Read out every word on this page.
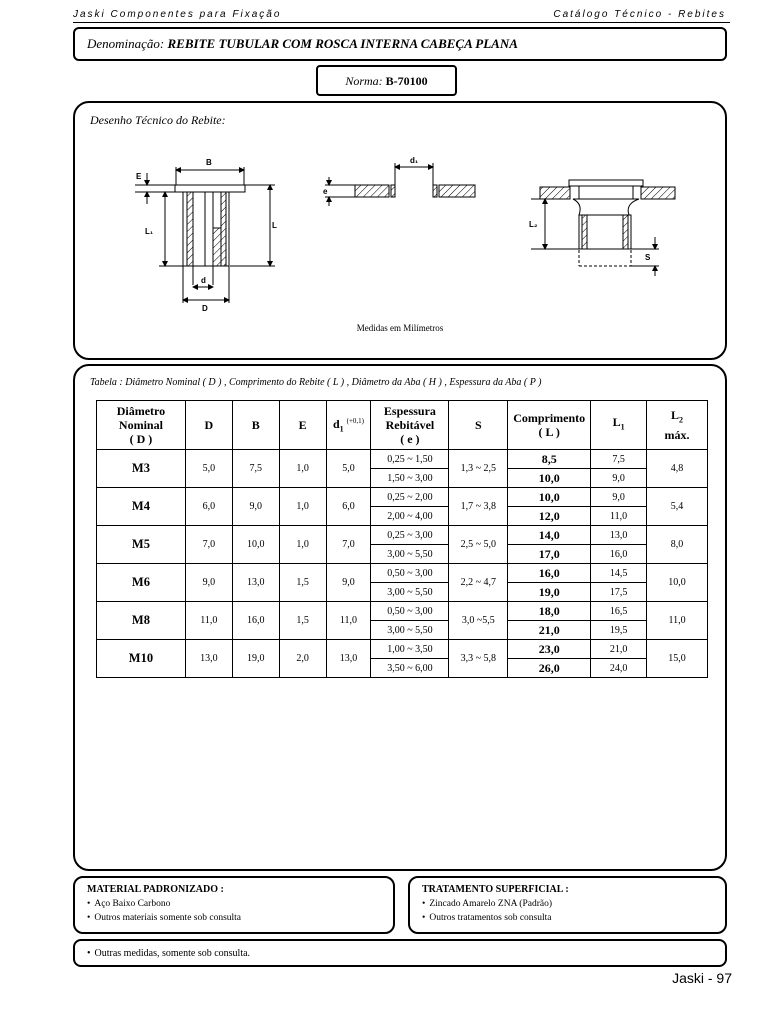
Jaski Componentes para Fixação	Catálogo Técnico - Rebites
Denominação: REBITE TUBULAR COM ROSCA INTERNA CABEÇA PLANA
Norma: B-70100
Desenho Técnico do Rebite:
B
E
L₁
L
d
D
d₁
e
L₂
S
Medidas em Milímetros
Tabela : Diâmetro Nominal ( D ) , Comprimento do Rebite ( L ) , Diâmetro da Aba ( H ) , Espessura da Aba ( P )
Diâmetro
Nominal
( D )	D	B	E	$d_1$ $^{(+0,1)}$	Espessura
Rebitável
( e )	S	Comprimento
( L )	$L_1$	$L_2$
máx.
M3	5,0	7,5	1,0	5,0	0,25 ~ 1,50	1,3 ~ 2,5	8,5	7,5	4,8
					1,50 ~ 3,00		10,0	9,0	
M4	6,0	9,0	1,0	6,0	0,25 ~ 2,00	1,7 ~ 3,8	10,0	9,0	5,4
					2,00 ~ 4,00		12,0	11,0	
M5	7,0	10,0	1,0	7,0	0,25 ~ 3,00	2,5 ~ 5,0	14,0	13,0	8,0
					3,00 ~ 5,50		17,0	16,0	
M6	9,0	13,0	1,5	9,0	0,50 ~ 3,00	2,2 ~ 4,7	16,0	14,5	10,0
					3,00 ~ 5,50		19,0	17,5	
M8	11,0	16,0	1,5	11,0	0,50 ~ 3,00	3,0 ~5,5	18,0	16,5	11,0
					3,00 ~ 5,50		21,0	19,5	
M10	13,0	19,0	2,0	13,0	1,00 ~ 3,50	3,3 ~ 5,8	23,0	21,0	15,0
					3,50 ~ 6,00		26,0	24,0	
MATERIAL PADRONIZADO :
• Aço Baixo Carbono
• Outros materiais somente sob consulta
TRATAMENTO SUPERFICIAL :
• Zincado Amarelo ZNA (Padrão)
• Outros tratamentos sob consulta
• Outras medidas, somente sob consulta.
Jaski - 97
